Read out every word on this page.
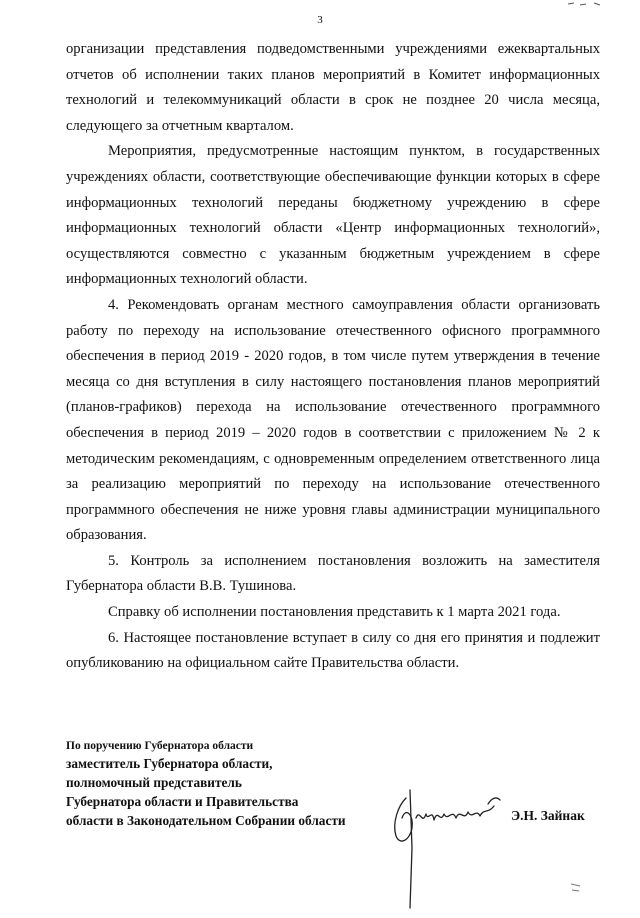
3

организации представления подведомственными учреждениями ежеквартальных отчетов об исполнении таких планов мероприятий в Комитет информационных технологий и телекоммуникаций области в срок не позднее 20 числа месяца, следующего за отчетным кварталом.

Мероприятия, предусмотренные настоящим пунктом, в государственных учреждениях области, соответствующие обеспечивающие функции которых в сфере информационных технологий переданы бюджетному учреждению в сфере информационных технологий области «Центр информационных технологий», осуществляются совместно с указанным бюджетным учреждением в сфере информационных технологий области.

4. Рекомендовать органам местного самоуправления области организовать работу по переходу на использование отечественного офисного программного обеспечения в период 2019 - 2020 годов, в том числе путем утверждения в течение месяца со дня вступления в силу настоящего постановления планов мероприятий (планов-графиков) перехода на использование отечественного программного обеспечения в период 2019 – 2020 годов в соответствии с приложением № 2 к методическим рекомендациям, с одновременным определением ответственного лица за реализацию мероприятий по переходу на использование отечественного программного обеспечения не ниже уровня главы администрации муниципального образования.

5. Контроль за исполнением постановления возложить на заместителя Губернатора области В.В. Тушинова.

Справку об исполнении постановления представить к 1 марта 2021 года.

6. Настоящее постановление вступает в силу со дня его принятия и подлежит опубликованию на официальном сайте Правительства области.

По поручению Губернатора области
заместитель Губернатора области,
полномочный представитель
Губернатора области и Правительства
области в Законодательном Собрании области	Э.Н. Зайнак
